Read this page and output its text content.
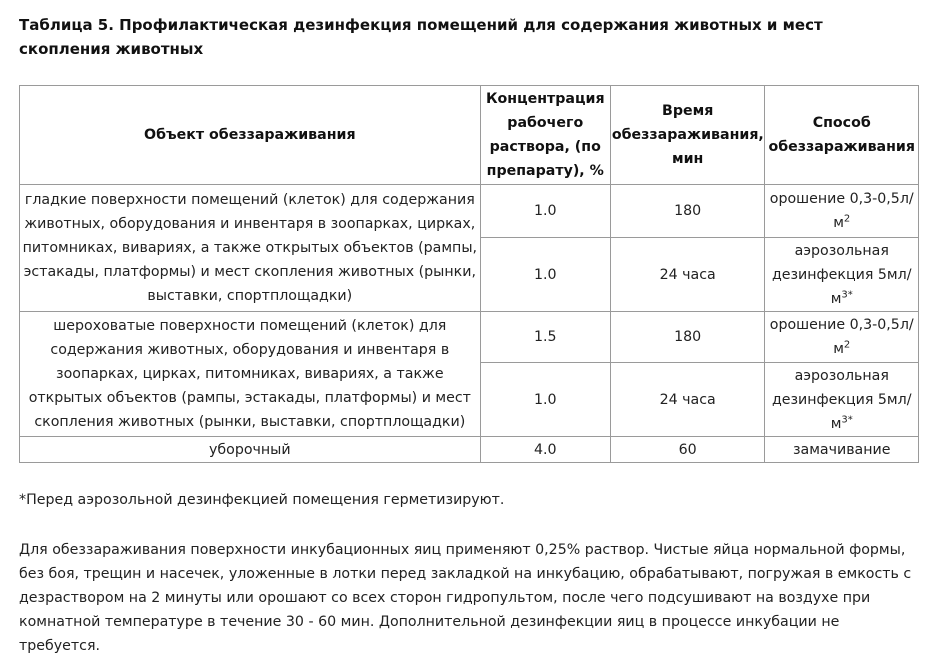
Таблица 5. Профилактическая дезинфекция помещений для содержания животных и мест скопления животных
Объект обеззараживания	Концентрация рабочего раствора, (по препарату), %	Время обеззараживания, мин	Способ обеззараживания
гладкие поверхности помещений (клеток) для содержания животных, оборудования и инвентаря в зоопарках, цирках, питомниках, вивариях, а также открытых объектов (рампы, эстакады, платформы) и мест скопления животных (рынки, выставки, спортплощадки)	1.0	180	орошение $0,3-0,5л/м^2$
	1.0	24 часа	аэрозольная дезинфекция $5мл/м^{3*}$
шероховатые поверхности помещений (клеток) для содержания животных, оборудования и инвентаря в зоопарках, цирках, питомниках, вивариях, а также открытых объектов (рампы, эстакады, платформы) и мест скопления животных (рынки, выставки, спортплощадки)	1.5	180	орошение $0,3-0,5л/м^2$
	1.0	24 часа	аэрозольная дезинфекция $5мл/м^{3*}$
уборочный	4.0	60	замачивание
*Перед аэрозольной дезинфекцией помещения герметизируют.
Для обеззараживания поверхности инкубационных яиц применяют 0,25% раствор. Чистые яйца нормальной формы, без боя, трещин и насечек, уложенные в лотки перед закладкой на инкубацию, обрабатывают, погружая в емкость с дезраствором на 2 минуты или орошают со всех сторон гидропультом, после чего подсушивают на воздухе при комнатной температуре в течение 30 - 60 мин. Дополнительной дезинфекции яиц в процессе инкубации не требуется.
